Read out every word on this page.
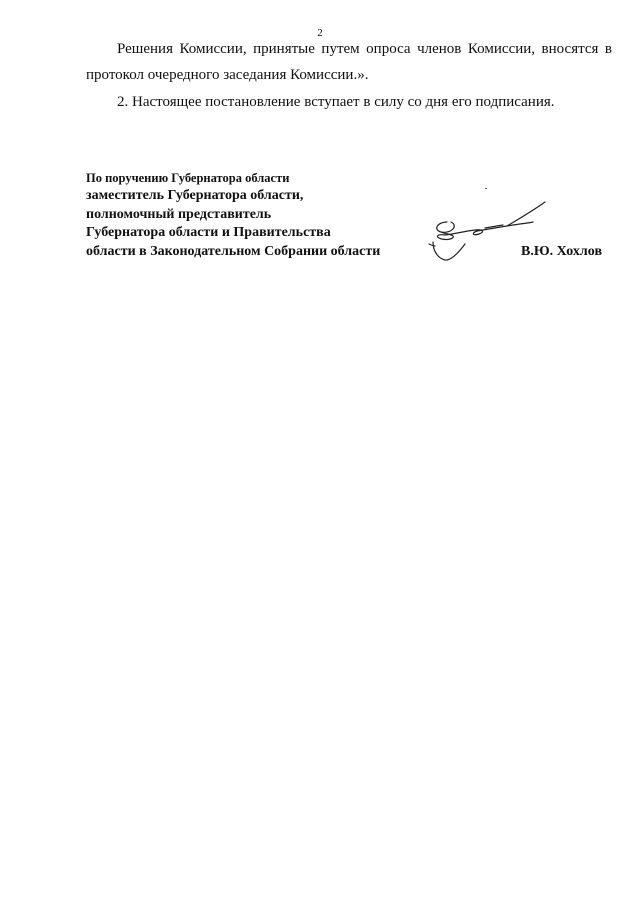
2

Решения Комиссии, принятые путем опроса членов Комиссии, вносятся в протокол очередного заседания Комиссии.».

2. Настоящее постановление вступает в силу со дня его подписания.

По поручению Губернатора области
заместитель Губернатора области,
полномочный представитель
Губернатора области и Правительства
области в Законодательном Собрании области	В.Ю. Хохлов
